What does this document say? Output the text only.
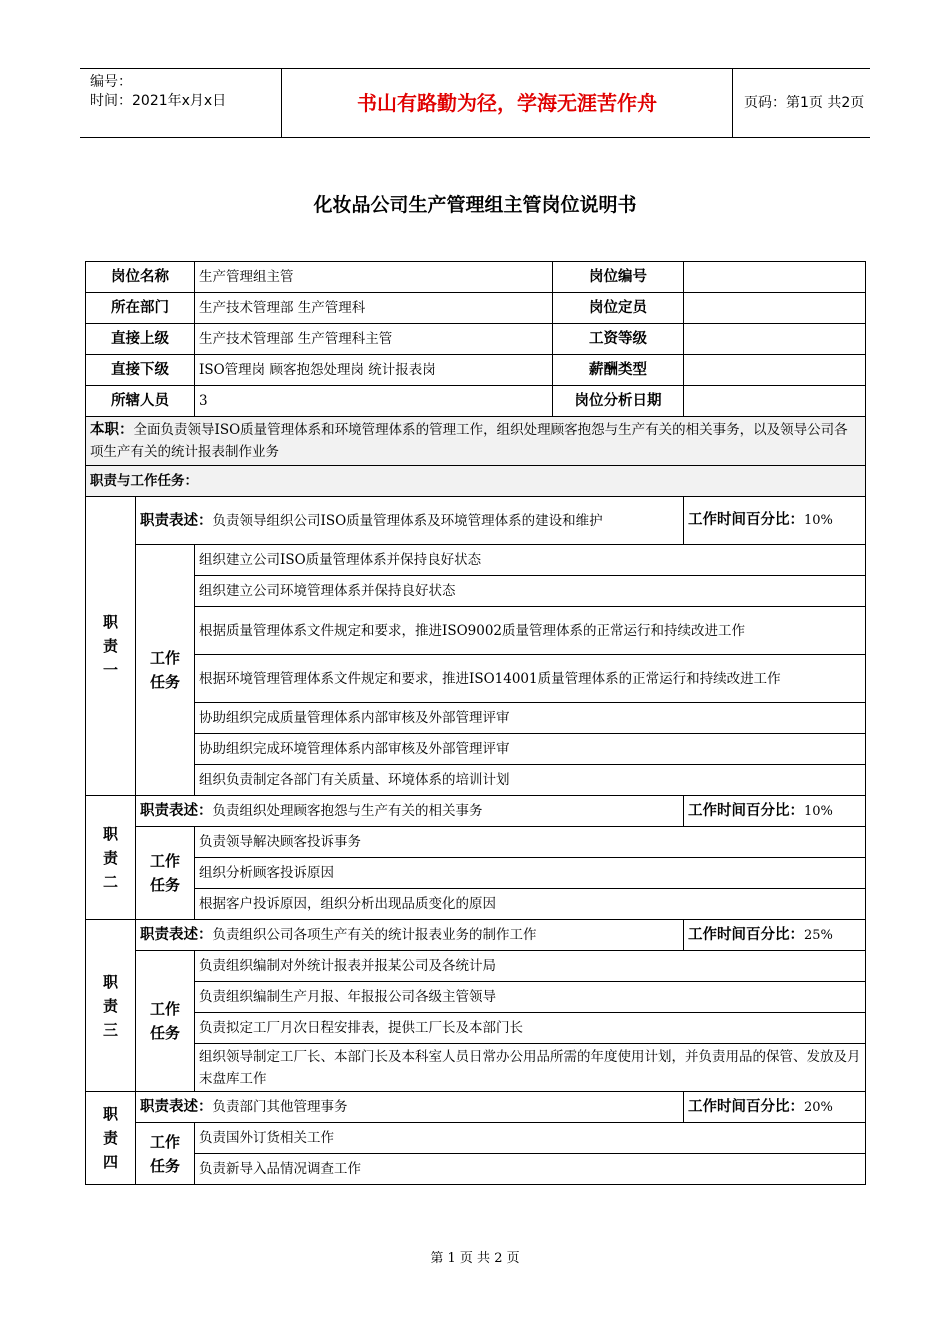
编号：
时间：2021年x月x日	书山有路勤为径，学海无涯苦作舟	页码：第1页 共2页
化妆品公司生产管理组主管岗位说明书
岗位名称		生产管理组主管	岗位编号	
所在部门		生产技术管理部 生产管理科	岗位定员	
直接上级		生产技术管理部 生产管理科主管	工资等级	
直接下级		ISO管理岗 顾客抱怨处理岗 统计报表岗	薪酬类型	
所辖人员		3	岗位分析日期	
本职：全面负责领导ISO质量管理体系和环境管理体系的管理工作，组织处理顾客抱怨与生产有关的相关事务，以及领导公司各项生产有关的统计报表制作业务				
职责与工作任务：				

职
责
一	职责表述：负责领导组织公司ISO质量管理体系及环境管理体系的建设和维护			工作时间百分比：10%

	工作
任务	组织建立公司ISO质量管理体系并保持良好状态		
		组织建立公司环境管理体系并保持良好状态		
		根据质量管理体系文件规定和要求，推进ISO9002质量管理体系的正常运行和持续改进工作		
		根据环境管理管理体系文件规定和要求，推进ISO14001质量管理体系的正常运行和持续改进工作		
		协助组织完成质量管理体系内部审核及外部管理评审		
		协助组织完成环境管理体系内部审核及外部管理评审		
		组织负责制定各部门有关质量、环境体系的培训计划		

职
责
二	职责表述：负责组织处理顾客抱怨与生产有关的相关事务			工作时间百分比：10%

	工作
任务	负责领导解决顾客投诉事务		
		组织分析顾客投诉原因		
		根据客户投诉原因，组织分析出现品质变化的原因		

职
责
三	职责表述：负责组织公司各项生产有关的统计报表业务的制作工作			工作时间百分比：25%

	工作
任务	负责组织编制对外统计报表并报某公司及各统计局		
		负责组织编制生产月报、年报报公司各级主管领导		
		负责拟定工厂月次日程安排表，提供工厂长及本部门长		
		组织领导制定工厂长、本部门长及本科室人员日常办公用品所需的年度使用计划，并负责用品的保管、发放及月末盘库工作		

职
责
四	职责表述：负责部门其他管理事务			工作时间百分比：20%

	工作
任务	负责国外订货相关工作		
		负责新导入品情况调查工作		
第 1 页 共 2 页
